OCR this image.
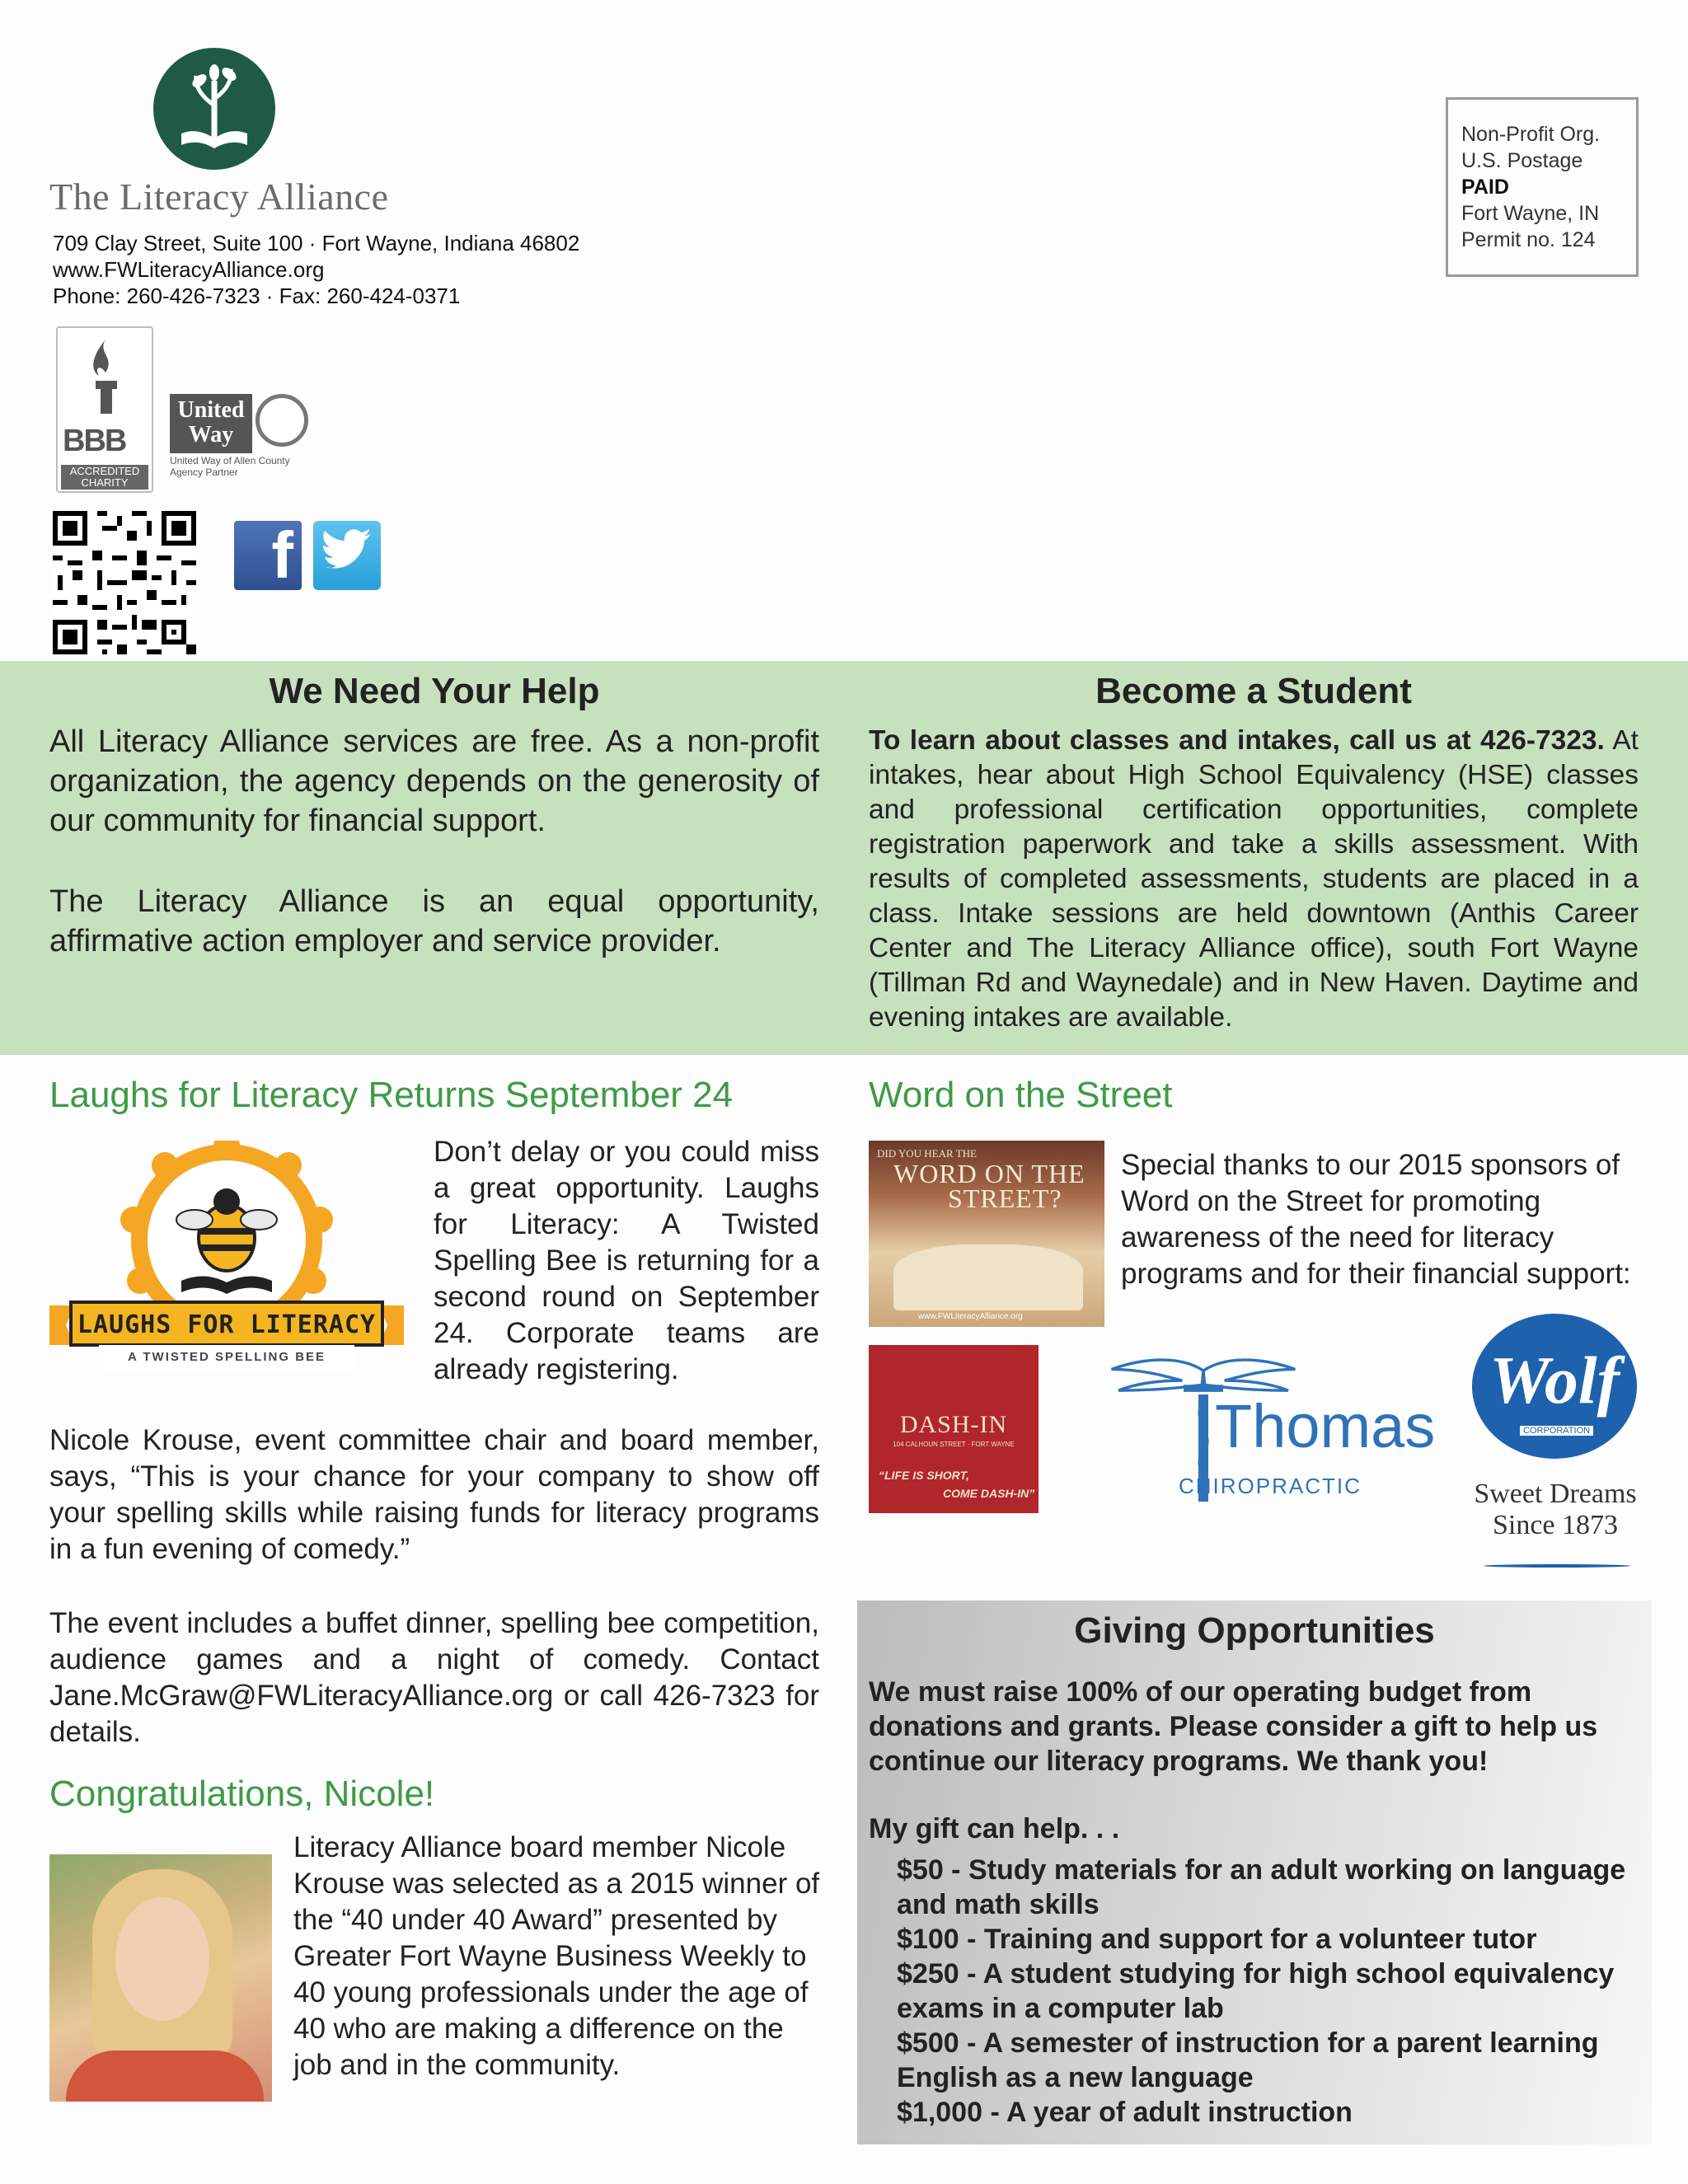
The Literacy Alliance
709 Clay Street, Suite 100 · Fort Wayne, Indiana 46802
www.FWLiteracyAlliance.org
Phone: 260-426-7323 · Fax: 260-424-0371
Non-Profit Org.
U.S. Postage
PAID
Fort Wayne, IN
Permit no. 124
BBB
ACCREDITED CHARITY
United
Way
United Way of Allen County
Agency Partner
f
We Need Your Help
All Literacy Alliance services are free. As a non-profit organization, the agency depends on the generosity of our community for financial support.
The Literacy Alliance is an equal opportunity, affirmative action employer and service provider.
Become a Student
To learn about classes and intakes, call us at 426-7323. At intakes, hear about High School Equivalency (HSE) classes and professional certification opportunities, complete registration paperwork and take a skills assessment. With results of completed assessments, students are placed in a class. Intake sessions are held downtown (Anthis Career Center and The Literacy Alliance office), south Fort Wayne (Tillman Rd and Waynedale) and in New Haven. Daytime and evening intakes are available.
Laughs for Literacy Returns September 24
LAUGHS FOR LITERACY
A TWISTED SPELLING BEE
Don’t delay or you could miss a great opportunity. Laughs for Literacy: A Twisted Spelling Bee is returning for a second round on September 24. Corporate teams are already registering.
Nicole Krouse, event committee chair and board member, says, “This is your chance for your company to show off your spelling skills while raising funds for literacy programs in a fun evening of comedy.”
The event includes a buffet dinner, spelling bee competition, audience games and a night of comedy. Contact Jane.McGraw@FWLiteracyAlliance.org or call 426-7323 for details.
Congratulations, Nicole!
Literacy Alliance board member Nicole Krouse was selected as a 2015 winner of the “40 under 40 Award” presented by Greater Fort Wayne Business Weekly to 40 young professionals under the age of 40 who are making a difference on the job and in the community.
Word on the Street
DID YOU HEAR THE
WORD ON THE
STREET?
www.FWLiteracyAlliance.org
Special thanks to our 2015 sponsors of Word on the Street for promoting awareness of the need for literacy programs and for their financial support:
DASH-IN
104 CALHOUN STREET · FORT WAYNE
“LIFE IS SHORT,
COME DASH-IN”
Thomas
CHIROPRACTIC
Wolf
CORPORATION
Sweet Dreams
Since 1873
Giving Opportunities
We must raise 100% of our operating budget from donations and grants. Please consider a gift to help us continue our literacy programs. We thank you!
My gift can help. . .
$50 - Study materials for an adult working on language and math skills
$100 - Training and support for a volunteer tutor
$250 - A student studying for high school equivalency exams in a computer lab
$500 - A semester of instruction for a parent learning English as a new language
$1,000 - A year of adult instruction
